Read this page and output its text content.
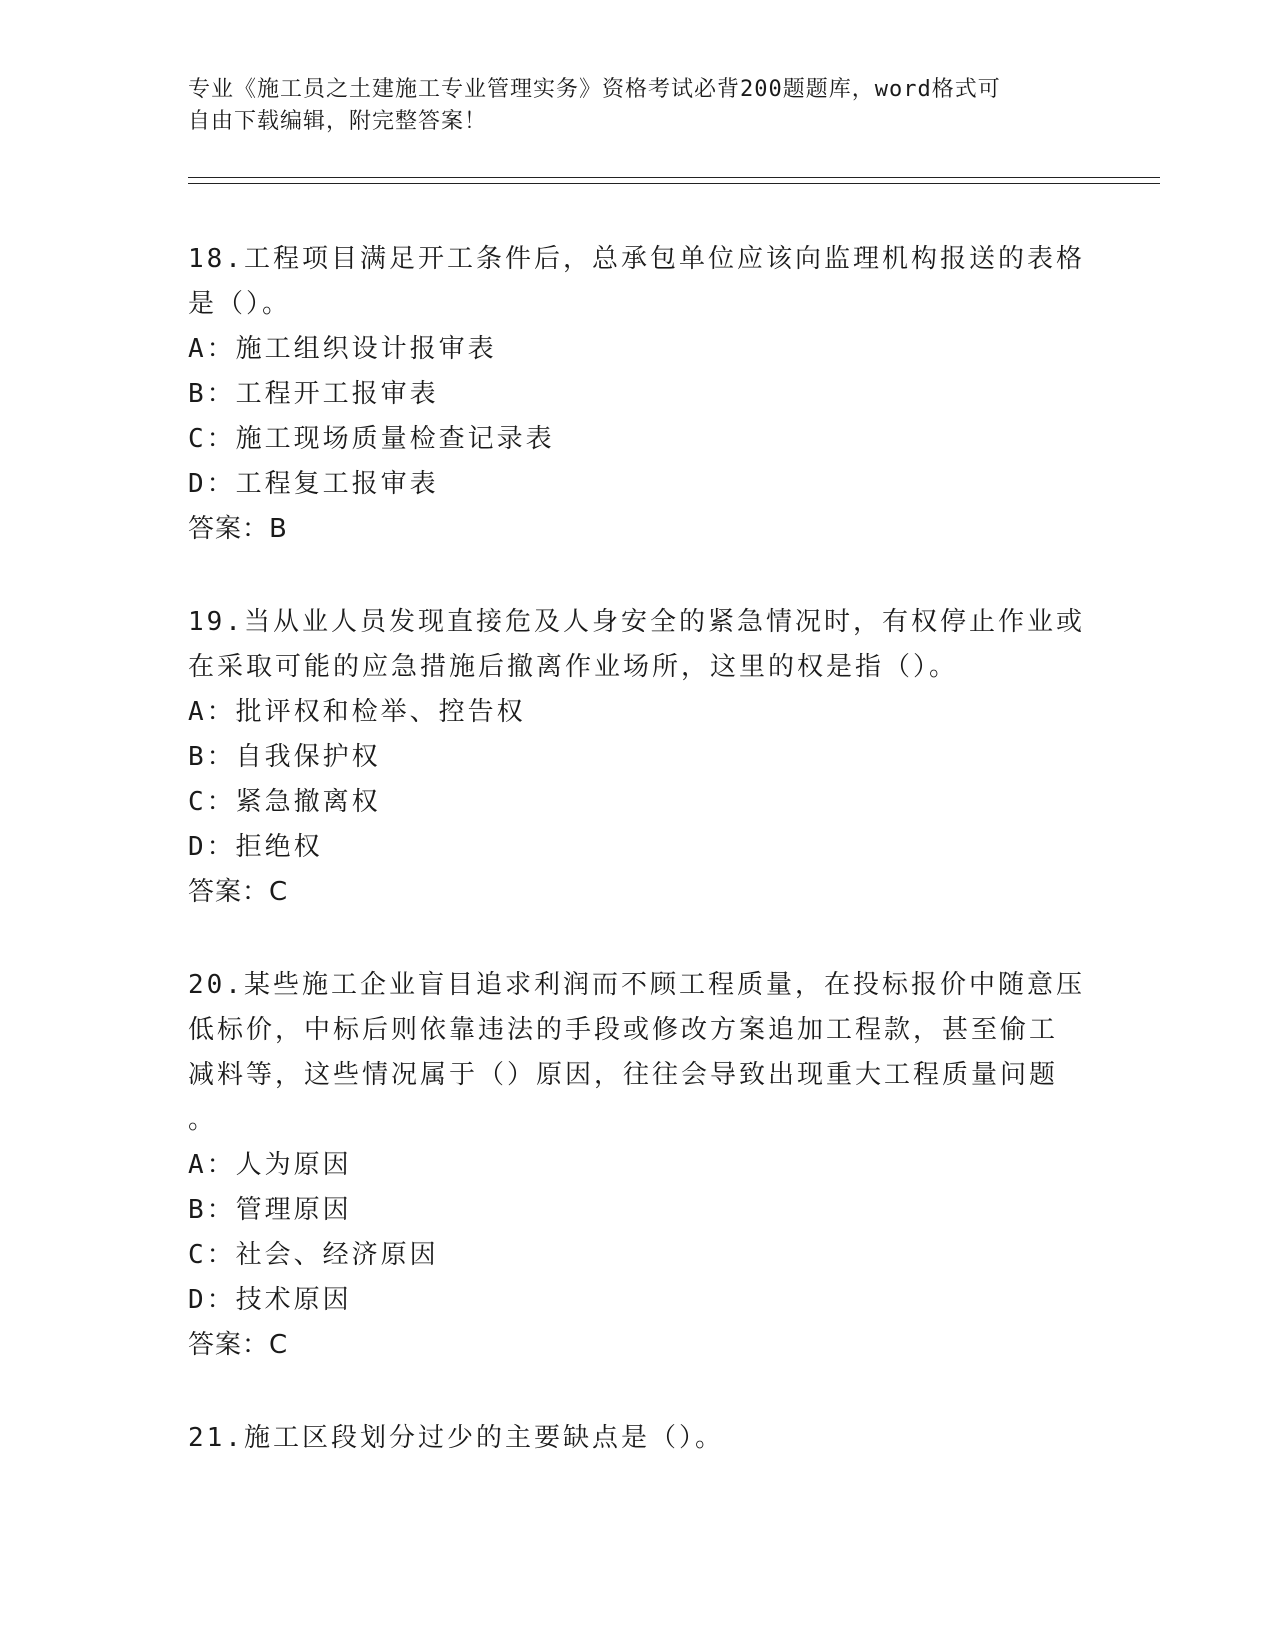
专业《施工员之土建施工专业管理实务》资格考试必背200题题库，word格式可
自由下载编辑，附完整答案！

18.工程项目满足开工条件后，总承包单位应该向监理机构报送的表格

是（）。

A：施工组织设计报审表

B：工程开工报审表

C：施工现场质量检查记录表

D：工程复工报审表

答案：B

19.当从业人员发现直接危及人身安全的紧急情况时，有权停止作业或

在采取可能的应急措施后撤离作业场所，这里的权是指（）。

A：批评权和检举、控告权

B：自我保护权

C：紧急撤离权

D：拒绝权

答案：C

20.某些施工企业盲目追求利润而不顾工程质量，在投标报价中随意压

低标价，中标后则依靠违法的手段或修改方案追加工程款，甚至偷工

减料等，这些情况属于（）原因，往往会导致出现重大工程质量问题

。

A：人为原因

B：管理原因

C：社会、经济原因

D：技术原因

答案：C

21.施工区段划分过少的主要缺点是（）。
